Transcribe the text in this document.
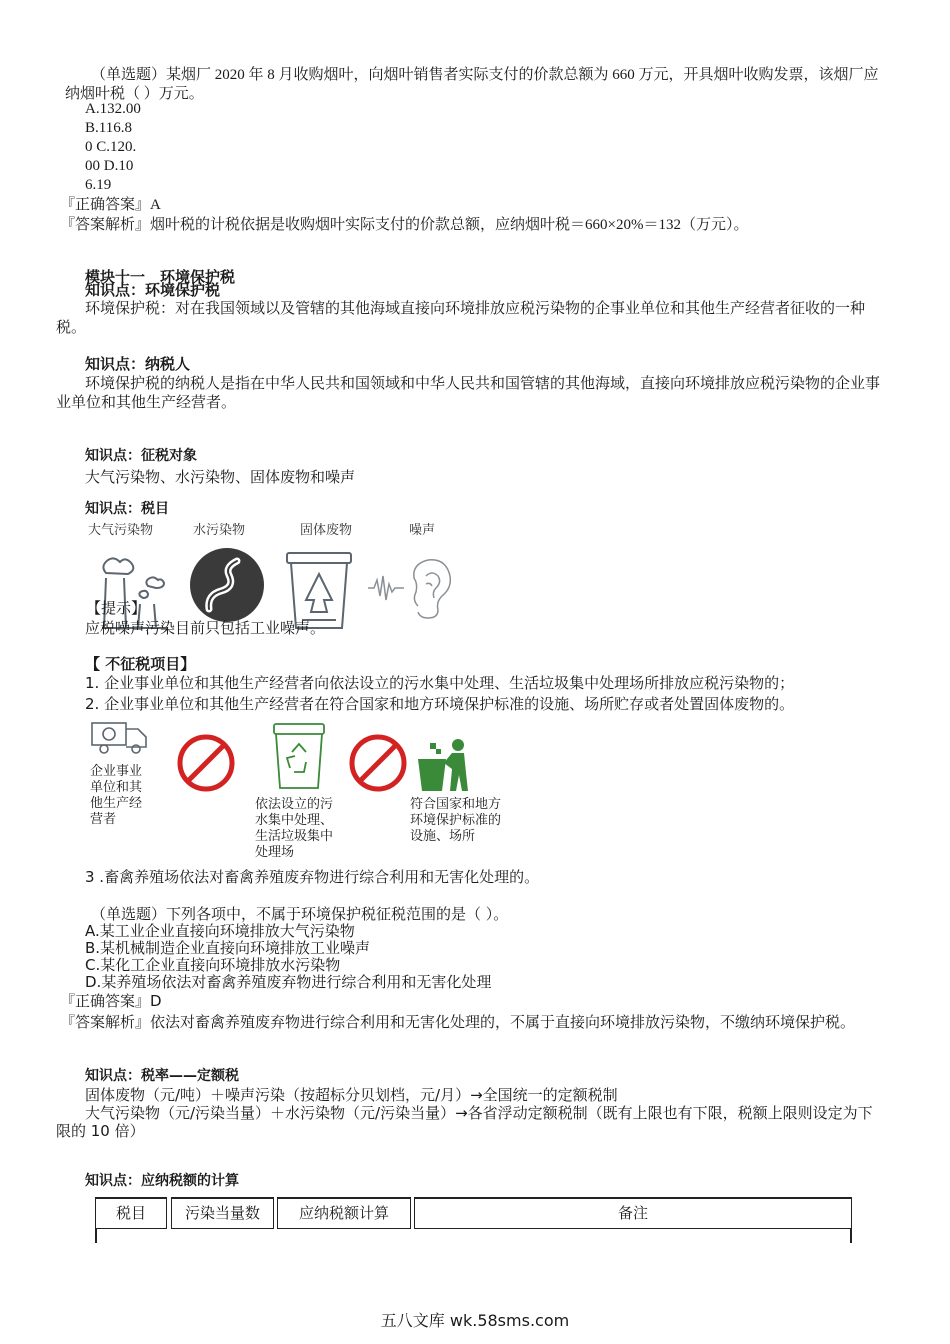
（单选题）某烟厂 2020 年 8 月收购烟叶，向烟叶销售者实际支付的价款总额为 660 万元，开具烟叶收购发票，该烟厂应
纳烟叶税（ ）万元。
A.132.00
B.116.8
0 C.120.
00 D.10
6.19
『正确答案』A
『答案解析』烟叶税的计税依据是收购烟叶实际支付的价款总额，应纳烟叶税＝660×20%＝132（万元）。
模块十一　环境保护税
知识点：环境保护税
环境保护税：对在我国领域以及管辖的其他海域直接向环境排放应税污染物的企事业单位和其他生产经营者征收的一种
税。
知识点：纳税人
环境保护税的纳税人是指在中华人民共和国领域和中华人民共和国管辖的其他海域，直接向环境排放应税污染物的企业事
业单位和其他生产经营者。
知识点：征税对象
大气污染物、水污染物、固体废物和噪声
知识点：税目
大气污染物	水污染物	固体废物	噪声
【提示】
应税噪声污染目前只包括工业噪声。
【 不征税项目】
1. 企业事业单位和其他生产经营者向依法设立的污水集中处理、生活垃圾集中处理场所排放应税污染物的；
2. 企业事业单位和其他生产经营者在符合国家和地方环境保护标准的设施、场所贮存或者处置固体废物的。
企业事业单位和其他生产经营者
依法设立的污水集中处理、生活垃圾集中处理场
符合国家和地方环境保护标准的设施、场所
3 .畜禽养殖场依法对畜禽养殖废弃物进行综合利用和无害化处理的。
（单选题）下列各项中，不属于环境保护税征税范围的是（ ）。
A.某工业企业直接向环境排放大气污染物
B.某机械制造企业直接向环境排放工业噪声
C.某化工企业直接向环境排放水污染物
D.某养殖场依法对畜禽养殖废弃物进行综合利用和无害化处理
『正确答案』D
『答案解析』依法对畜禽养殖废弃物进行综合利用和无害化处理的，不属于直接向环境排放污染物，不缴纳环境保护税。
知识点：税率——定额税
固体废物（元/吨）＋噪声污染（按超标分贝划档，元/月）→全国统一的定额税制
大气污染物（元/污染当量）＋水污染物（元/污染当量）→各省浮动定额税制（既有上限也有下限，税额上限则设定为下
限的 10 倍）
知识点：应纳税额的计算
税目	污染当量数	应纳税额计算	备注
五八文库 wk.58sms.com
